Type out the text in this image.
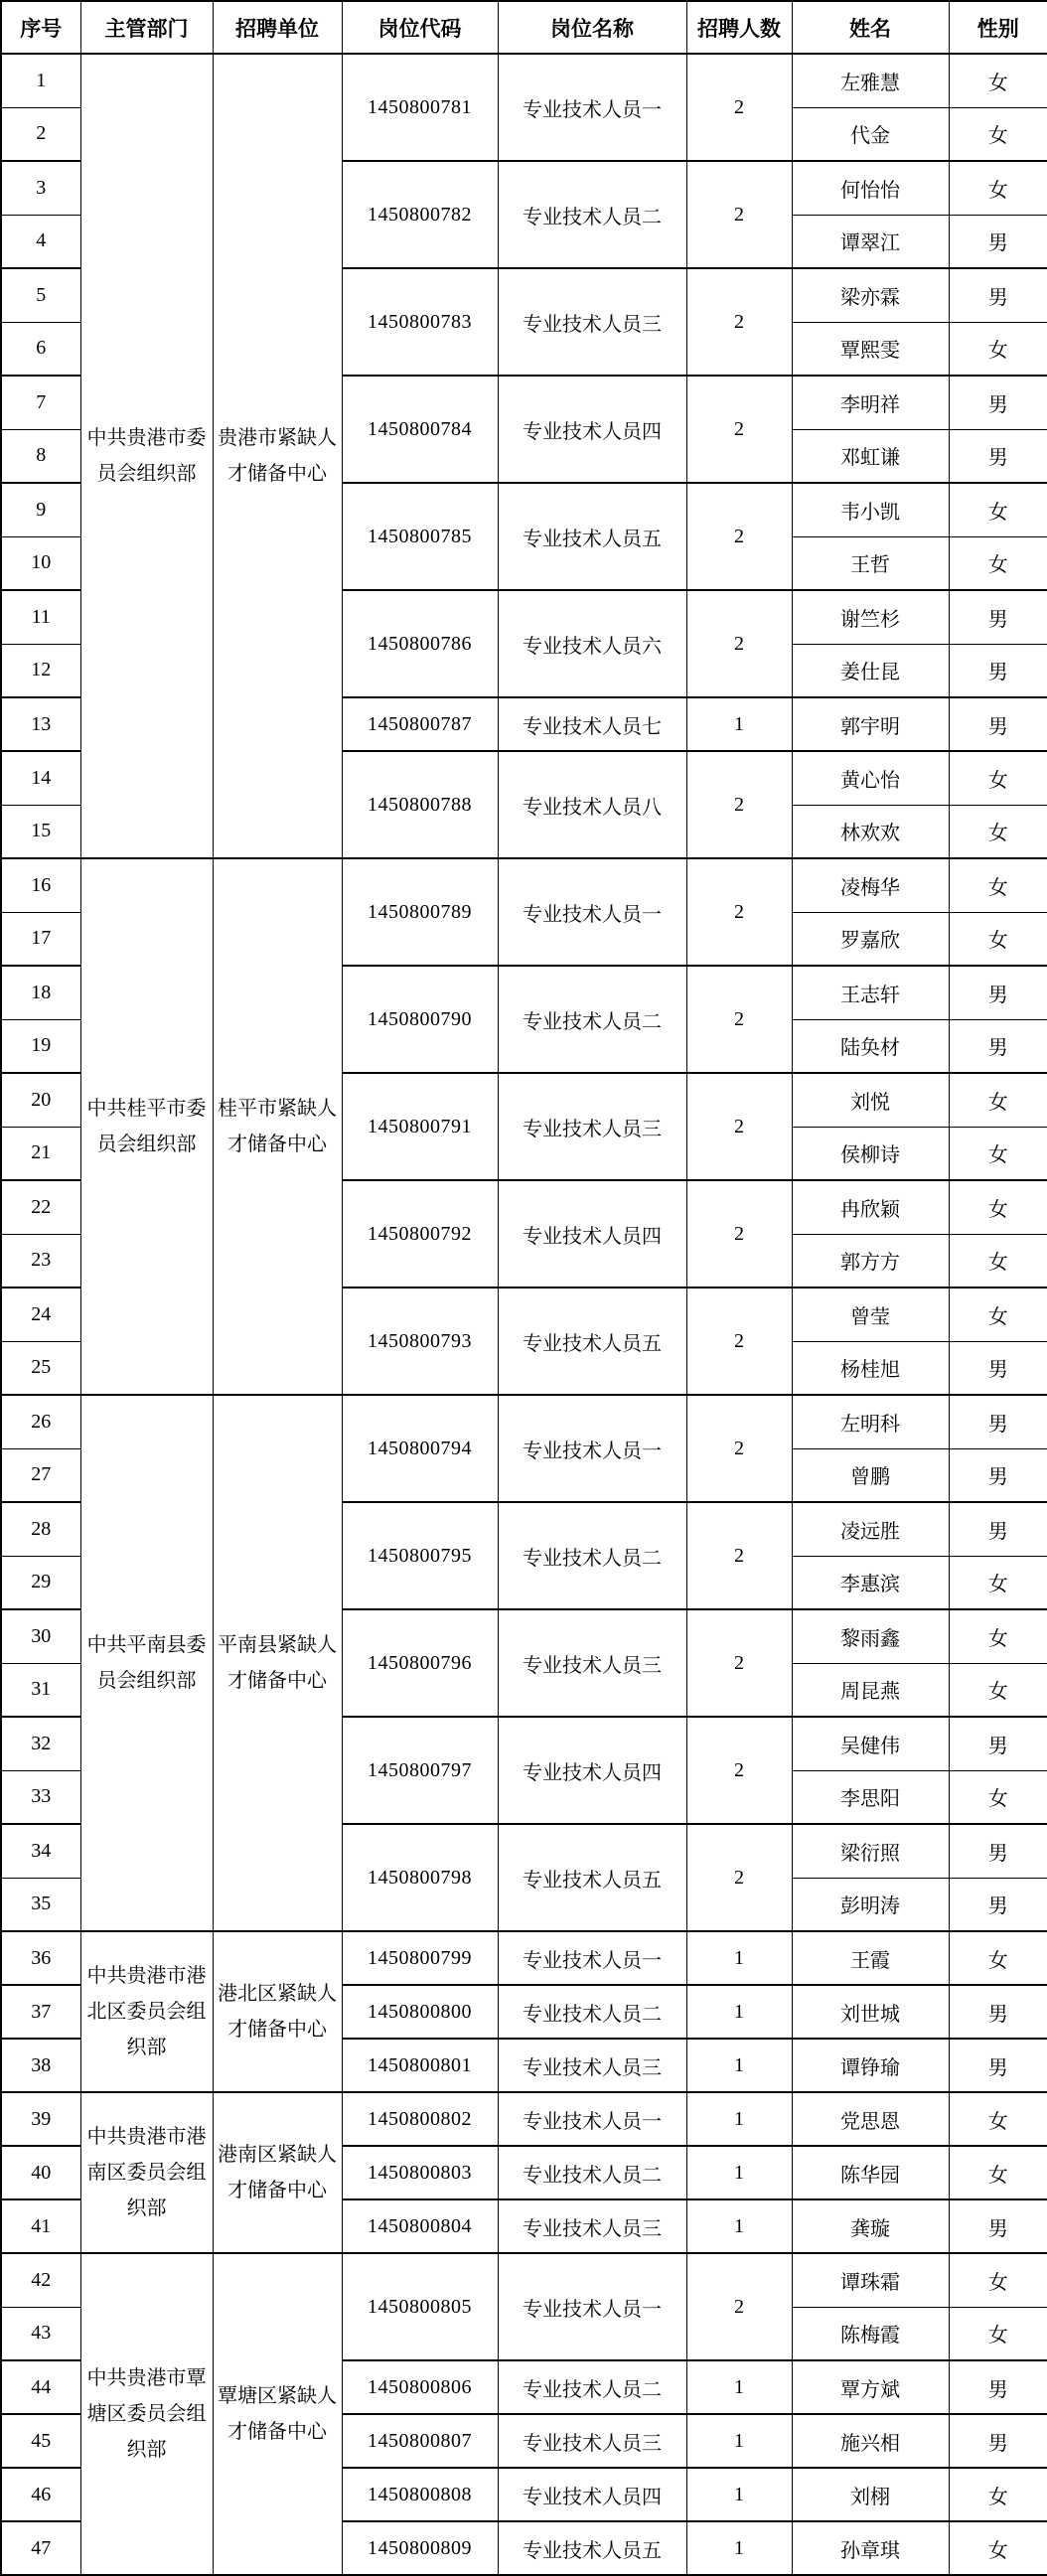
序号	主管部门	招聘单位	岗位代码	岗位名称	招聘人数	姓名	性别
1	中共贵港市委员会组织部	贵港市紧缺人才储备中心	1450800781	专业技术人员一	2	左雅慧	女
2						代金	女
3			1450800782	专业技术人员二	2	何怡怡	女
4						谭翠江	男
5			1450800783	专业技术人员三	2	梁亦霖	男
6						覃熙雯	女
7			1450800784	专业技术人员四	2	李明祥	男
8						邓虹谦	男
9			1450800785	专业技术人员五	2	韦小凯	女
10						王哲	女
11			1450800786	专业技术人员六	2	谢竺杉	男
12						姜仕昆	男
13			1450800787	专业技术人员七	1	郭宇明	男
14			1450800788	专业技术人员八	2	黄心怡	女
15						林欢欢	女
16	中共桂平市委员会组织部	桂平市紧缺人才储备中心	1450800789	专业技术人员一	2	凌梅华	女
17						罗嘉欣	女
18			1450800790	专业技术人员二	2	王志轩	男
19						陆奂材	男
20			1450800791	专业技术人员三	2	刘悦	女
21						侯柳诗	女
22			1450800792	专业技术人员四	2	冉欣颖	女
23						郭方方	女
24			1450800793	专业技术人员五	2	曾莹	女
25						杨桂旭	男
26	中共平南县委员会组织部	平南县紧缺人才储备中心	1450800794	专业技术人员一	2	左明科	男
27						曾鹏	男
28			1450800795	专业技术人员二	2	凌远胜	男
29						李惠滨	女
30			1450800796	专业技术人员三	2	黎雨鑫	女
31						周昆燕	女
32			1450800797	专业技术人员四	2	吴健伟	男
33						李思阳	女
34			1450800798	专业技术人员五	2	梁衍照	男
35						彭明涛	男
36	中共贵港市港北区委员会组织部	港北区紧缺人才储备中心	1450800799	专业技术人员一	1	王霞	女
37			1450800800	专业技术人员二	1	刘世城	男
38			1450800801	专业技术人员三	1	谭铮瑜	男
39	中共贵港市港南区委员会组织部	港南区紧缺人才储备中心	1450800802	专业技术人员一	1	党思恩	女
40			1450800803	专业技术人员二	1	陈华园	女
41			1450800804	专业技术人员三	1	龚璇	男
42	中共贵港市覃塘区委员会组织部	覃塘区紧缺人才储备中心	1450800805	专业技术人员一	2	谭珠霜	女
43						陈梅霞	女
44			1450800806	专业技术人员二	1	覃方斌	男
45			1450800807	专业技术人员三	1	施兴相	男
46			1450800808	专业技术人员四	1	刘栩	女
47			1450800809	专业技术人员五	1	孙章琪	女
